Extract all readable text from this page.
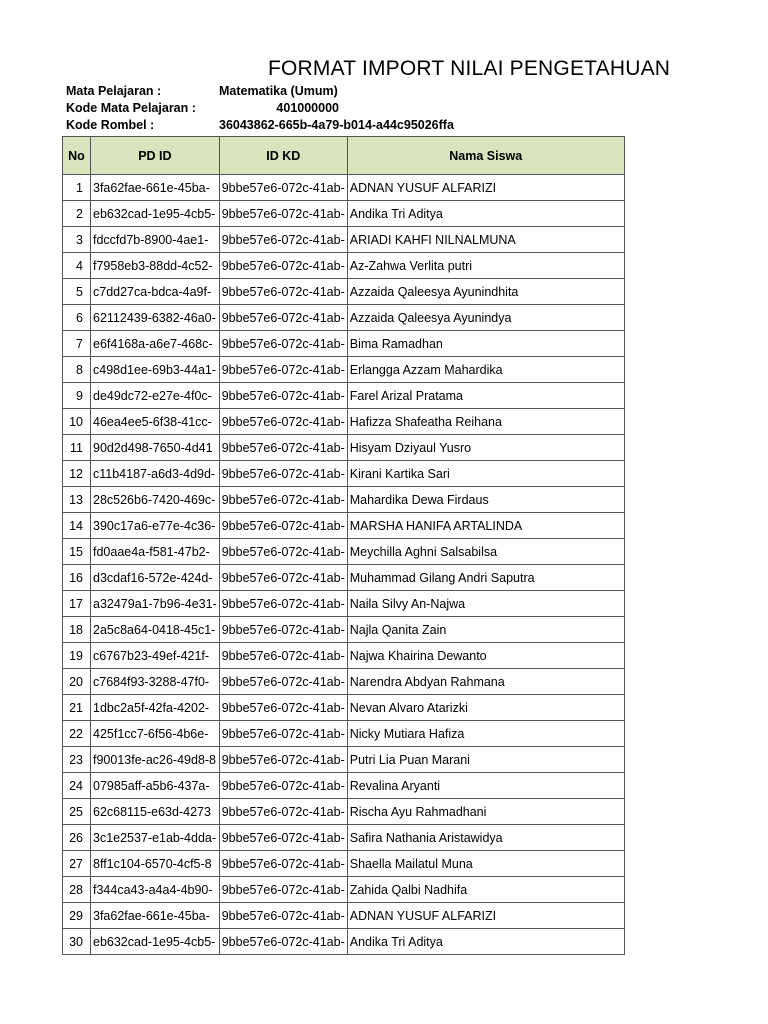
FORMAT IMPORT NILAI PENGETAHUAN
Mata Pelajaran :	Matematika (Umum)
Kode Mata Pelajaran :	401000000
Kode Rombel :	36043862-665b-4a79-b014-a44c95026ffa
No	PD ID	ID KD	Nama Siswa
1	3fa62fae-661e-45ba-	9bbe57e6-072c-41ab-	ADNAN YUSUF ALFARIZI
2	eb632cad-1e95-4cb5-	9bbe57e6-072c-41ab-	Andika Tri Aditya
3	fdccfd7b-8900-4ae1-	9bbe57e6-072c-41ab-	ARIADI KAHFI NILNALMUNA
4	f7958eb3-88dd-4c52-	9bbe57e6-072c-41ab-	Az-Zahwa Verlita putri
5	c7dd27ca-bdca-4a9f-	9bbe57e6-072c-41ab-	Azzaida Qaleesya Ayunindhita
6	62112439-6382-46a0-	9bbe57e6-072c-41ab-	Azzaida Qaleesya Ayunindya
7	e6f4168a-a6e7-468c-	9bbe57e6-072c-41ab-	Bima Ramadhan
8	c498d1ee-69b3-44a1-	9bbe57e6-072c-41ab-	Erlangga Azzam Mahardika
9	de49dc72-e27e-4f0c-	9bbe57e6-072c-41ab-	Farel Arizal Pratama
10	46ea4ee5-6f38-41cc-	9bbe57e6-072c-41ab-	Hafizza Shafeatha Reihana
11	90d2d498-7650-4d41	9bbe57e6-072c-41ab-	Hisyam Dziyaul Yusro
12	c11b4187-a6d3-4d9d-	9bbe57e6-072c-41ab-	Kirani Kartika Sari
13	28c526b6-7420-469c-	9bbe57e6-072c-41ab-	Mahardika Dewa Firdaus
14	390c17a6-e77e-4c36-	9bbe57e6-072c-41ab-	MARSHA HANIFA ARTALINDA
15	fd0aae4a-f581-47b2-	9bbe57e6-072c-41ab-	Meychilla Aghni Salsabilsa
16	d3cdaf16-572e-424d-	9bbe57e6-072c-41ab-	Muhammad Gilang Andri Saputra
17	a32479a1-7b96-4e31-	9bbe57e6-072c-41ab-	Naila Silvy An-Najwa
18	2a5c8a64-0418-45c1-	9bbe57e6-072c-41ab-	Najla Qanita Zain
19	c6767b23-49ef-421f-	9bbe57e6-072c-41ab-	Najwa Khairina Dewanto
20	c7684f93-3288-47f0-	9bbe57e6-072c-41ab-	Narendra Abdyan Rahmana
21	1dbc2a5f-42fa-4202-	9bbe57e6-072c-41ab-	Nevan Alvaro Atarizki
22	425f1cc7-6f56-4b6e-	9bbe57e6-072c-41ab-	Nicky Mutiara Hafiza
23	f90013fe-ac26-49d8-8	9bbe57e6-072c-41ab-	Putri Lia Puan Marani
24	07985aff-a5b6-437a-	9bbe57e6-072c-41ab-	Revalina Aryanti
25	62c68115-e63d-4273	9bbe57e6-072c-41ab-	Rischa Ayu Rahmadhani
26	3c1e2537-e1ab-4dda-	9bbe57e6-072c-41ab-	Safira Nathania Aristawidya
27	8ff1c104-6570-4cf5-8	9bbe57e6-072c-41ab-	Shaella Mailatul Muna
28	f344ca43-a4a4-4b90-	9bbe57e6-072c-41ab-	Zahida Qalbi Nadhifa
29	3fa62fae-661e-45ba-	9bbe57e6-072c-41ab-	ADNAN YUSUF ALFARIZI
30	eb632cad-1e95-4cb5-	9bbe57e6-072c-41ab-	Andika Tri Aditya
